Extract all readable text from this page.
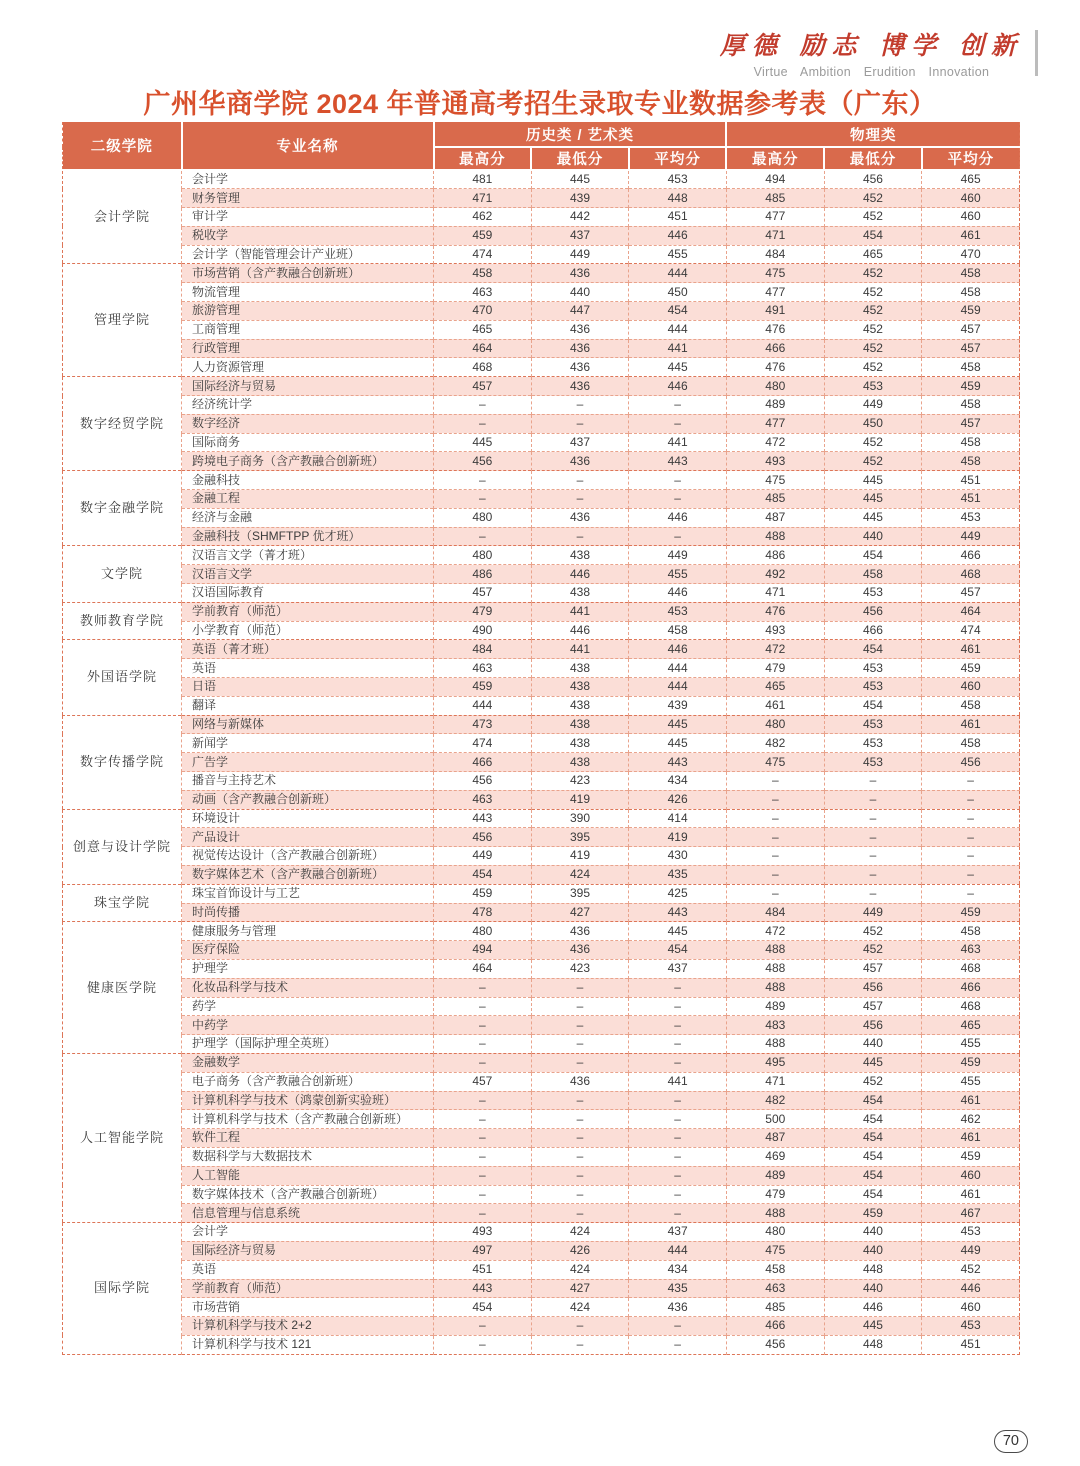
厚德 励志 博学 创新
Virtue Ambition Erudition Innovation
广州华商学院 2024 年普通高考招生录取专业数据参考表（广东）
二级学院	专业名称	历史类 / 艺术类			物理类		
		最高分	最低分	平均分	最高分	最低分	平均分
会计学院	会计学	481	445	453	494	456	465
	财务管理	471	439	448	485	452	460
	审计学	462	442	451	477	452	460
	税收学	459	437	446	471	454	461
	会计学（智能管理会计产业班）	474	449	455	484	465	470
管理学院	市场营销（含产教融合创新班）	458	436	444	475	452	458
	物流管理	463	440	450	477	452	458
	旅游管理	470	447	454	491	452	459
	工商管理	465	436	444	476	452	457
	行政管理	464	436	441	466	452	457
	人力资源管理	468	436	445	476	452	458
数字经贸学院	国际经济与贸易	457	436	446	480	453	459
	经济统计学	–	–	–	489	449	458
	数字经济	–	–	–	477	450	457
	国际商务	445	437	441	472	452	458
	跨境电子商务（含产教融合创新班）	456	436	443	493	452	458
数字金融学院	金融科技	–	–	–	475	445	451
	金融工程	–	–	–	485	445	451
	经济与金融	480	436	446	487	445	453
	金融科技（SHMFTPP 优才班）	–	–	–	488	440	449
文学院	汉语言文学（菁才班）	480	438	449	486	454	466
	汉语言文学	486	446	455	492	458	468
	汉语国际教育	457	438	446	471	453	457
教师教育学院	学前教育（师范）	479	441	453	476	456	464
	小学教育（师范）	490	446	458	493	466	474
外国语学院	英语（菁才班）	484	441	446	472	454	461
	英语	463	438	444	479	453	459
	日语	459	438	444	465	453	460
	翻译	444	438	439	461	454	458
数字传播学院	网络与新媒体	473	438	445	480	453	461
	新闻学	474	438	445	482	453	458
	广告学	466	438	443	475	453	456
	播音与主持艺术	456	423	434	–	–	–
	动画（含产教融合创新班）	463	419	426	–	–	–
创意与设计学院	环境设计	443	390	414	–	–	–
	产品设计	456	395	419	–	–	–
	视觉传达设计（含产教融合创新班）	449	419	430	–	–	–
	数字媒体艺术（含产教融合创新班）	454	424	435	–	–	–
珠宝学院	珠宝首饰设计与工艺	459	395	425	–	–	–
	时尚传播	478	427	443	484	449	459
健康医学院	健康服务与管理	480	436	445	472	452	458
	医疗保险	494	436	454	488	452	463
	护理学	464	423	437	488	457	468
	化妆品科学与技术	–	–	–	488	456	466
	药学	–	–	–	489	457	468
	中药学	–	–	–	483	456	465
	护理学（国际护理全英班）	–	–	–	488	440	455
人工智能学院	金融数学	–	–	–	495	445	459
	电子商务（含产教融合创新班）	457	436	441	471	452	455
	计算机科学与技术（鸿蒙创新实验班）	–	–	–	482	454	461
	计算机科学与技术（含产教融合创新班）	–	–	–	500	454	462
	软件工程	–	–	–	487	454	461
	数据科学与大数据技术	–	–	–	469	454	459
	人工智能	–	–	–	489	454	460
	数字媒体技术（含产教融合创新班）	–	–	–	479	454	461
	信息管理与信息系统	–	–	–	488	459	467
国际学院	会计学	493	424	437	480	440	453
	国际经济与贸易	497	426	444	475	440	449
	英语	451	424	434	458	448	452
	学前教育（师范）	443	427	435	463	440	446
	市场营销	454	424	436	485	446	460
	计算机科学与技术 2+2	–	–	–	466	445	453
	计算机科学与技术 121	–	–	–	456	448	451
70
